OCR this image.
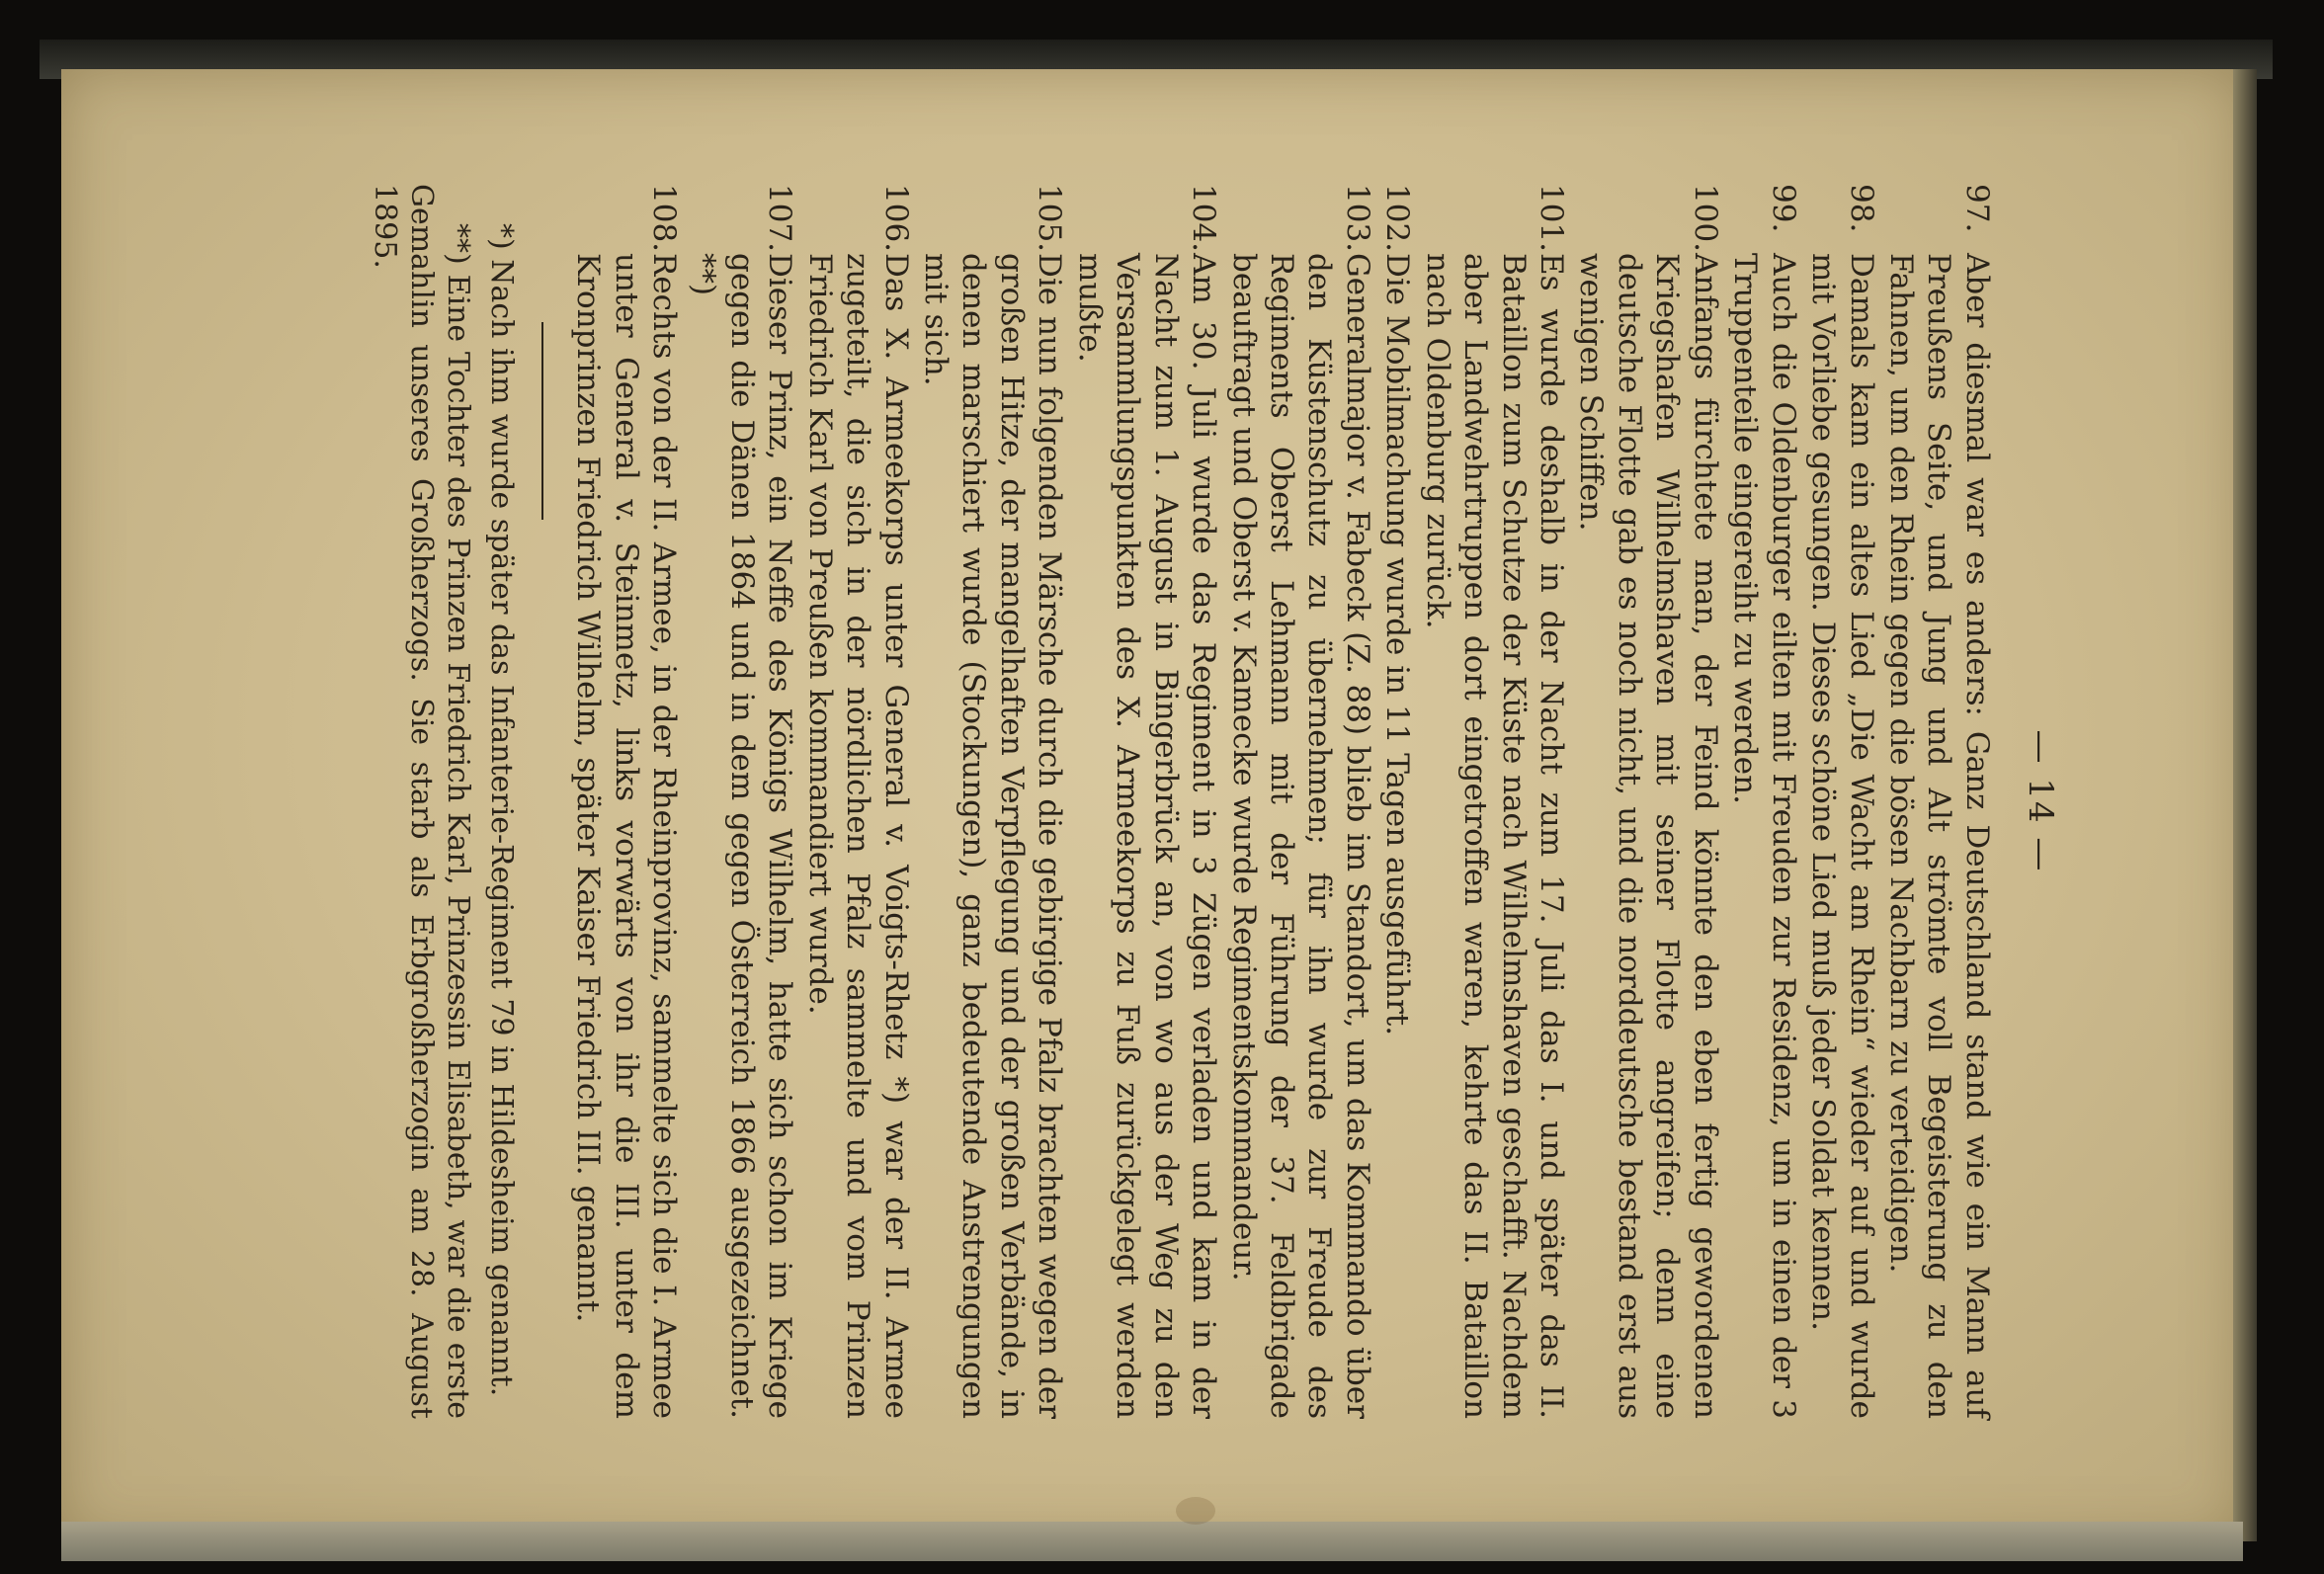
— 14 —
97.
Aber diesmal war es anders: Ganz Deutschland stand wie ein Mann auf Preußens Seite, und Jung und Alt strömte voll Begeisterung zu den Fahnen, um den Rhein gegen die bösen Nachbarn zu verteidigen.
98.
Damals kam ein altes Lied „Die Wacht am Rhein“ wieder auf und wurde mit Vorliebe gesungen. Dieses schöne Lied muß jeder Soldat kennen.
99.
Auch die Oldenburger eilten mit Freuden zur Residenz, um in einen der 3 Truppenteile eingereiht zu werden.
100.
Anfangs fürchtete man, der Feind könnte den eben fertig gewordenen Kriegshafen Wilhelmshaven mit seiner Flotte angreifen; denn eine deutsche Flotte gab es noch nicht, und die norddeutsche bestand erst aus wenigen Schiffen.
101.
Es wurde deshalb in der Nacht zum 17. Juli das I. und später das II. Bataillon zum Schutze der Küste nach Wilhelmshaven geschafft. Nachdem aber Landwehrtruppen dort eingetroffen waren, kehrte das II. Bataillon nach Oldenburg zurück.
102.
Die Mobilmachung wurde in 11 Tagen ausgeführt.
103.
Generalmajor v. Fabeck (Z. 88) blieb im Standort, um das Kommando über den Küstenschutz zu übernehmen; für ihn wurde zur Freude des Regiments Oberst Lehmann mit der Führung der 37. Feldbrigade beauftragt und Oberst v. Kamecke wurde Regimentskommandeur.
104.
Am 30. Juli wurde das Regiment in 3 Zügen verladen und kam in der Nacht zum 1. August in Bingerbrück an, von wo aus der Weg zu den Versammlungspunkten des X. Armeekorps zu Fuß zurückgelegt werden mußte.
105.
Die nun folgenden Märsche durch die gebirgige Pfalz brachten wegen der großen Hitze, der mangelhaften Verpflegung und der großen Verbände, in denen marschiert wurde (Stockungen), ganz bedeutende Anstrengungen mit sich.
106.
Das X. Armeekorps unter General v. Voigts-Rhetz *) war der II. Armee zugeteilt, die sich in der nördlichen Pfalz sammelte und vom Prinzen Friedrich Karl von Preußen kommandiert wurde.
107.
Dieser Prinz, ein Neffe des Königs Wilhelm, hatte sich schon im Kriege gegen die Dänen 1864 und in dem gegen Österreich 1866 ausgezeichnet. **)
108.
Rechts von der II. Armee, in der Rheinprovinz, sammelte sich die I. Armee unter General v. Steinmetz, links vorwärts von ihr die III. unter dem Kronprinzen Friedrich Wilhelm, später Kaiser Friedrich III. genannt.
*) Nach ihm wurde später das Infanterie-Regiment 79 in Hildesheim genannt.
**) Eine Tochter des Prinzen Friedrich Karl, Prinzessin Elisabeth, war die erste Gemahlin unseres Großherzogs. Sie starb als Erbgroßherzogin am 28. August 1895.
